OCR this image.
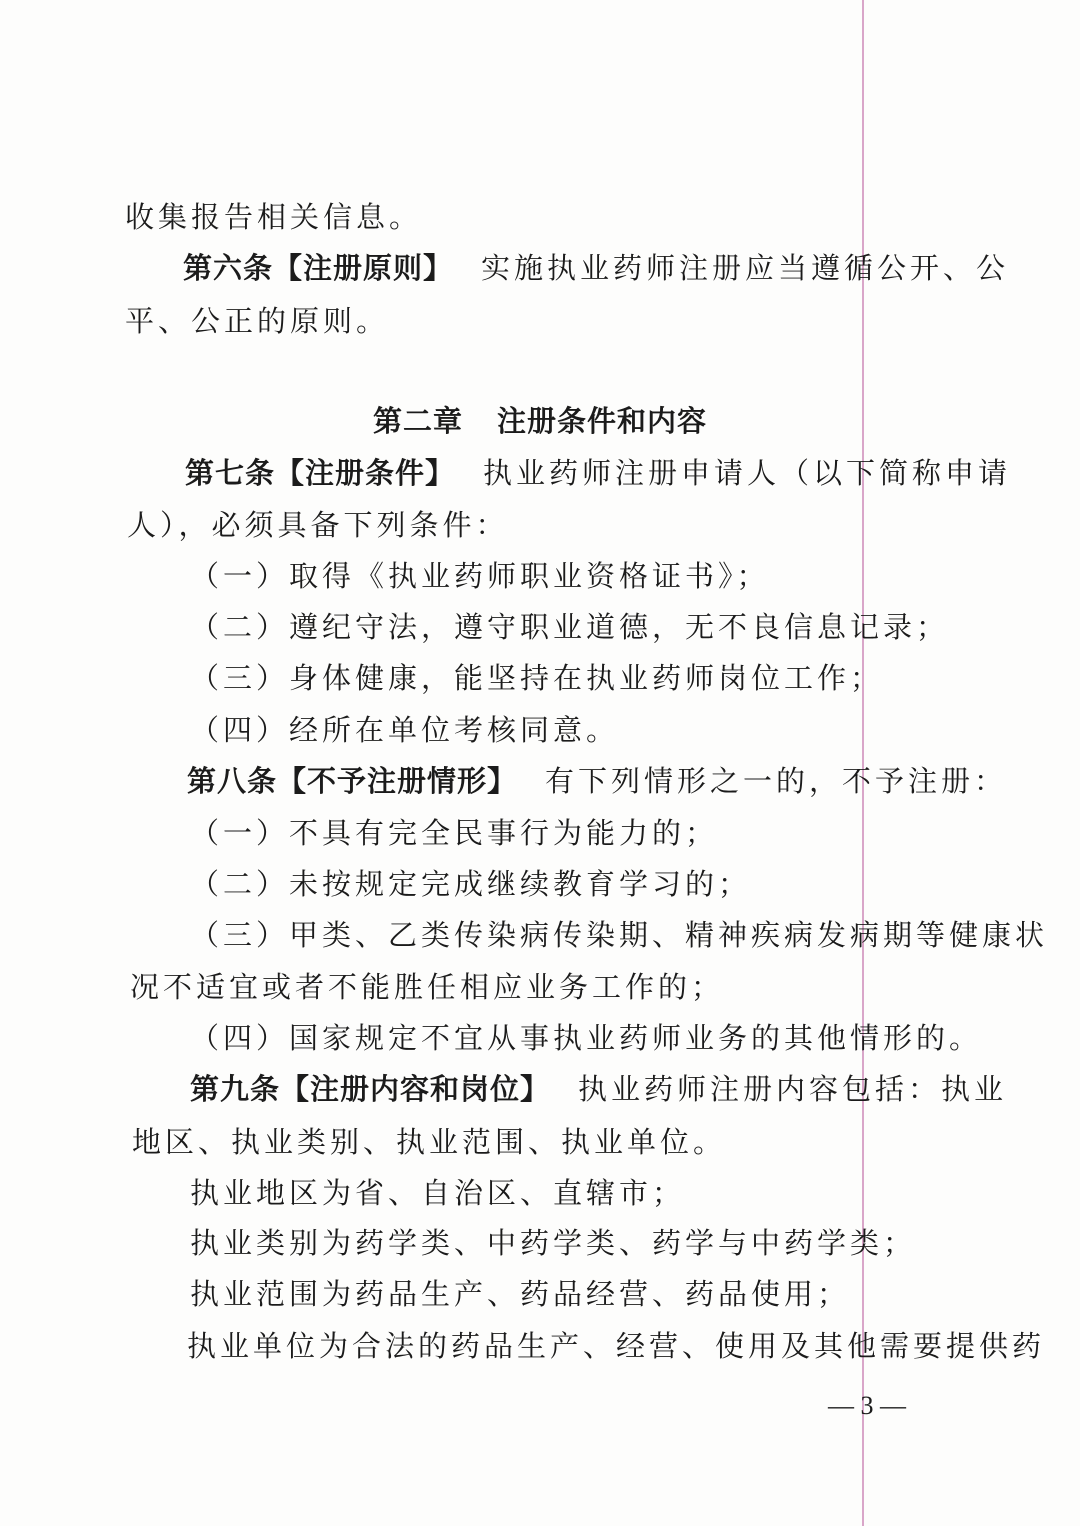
收集报告相关信息。
第六条【注册原则】 实施执业药师注册应当遵循公开、公
平、公正的原则。
第二章 注册条件和内容
第七条【注册条件】 执业药师注册申请人（以下简称申请
人），必须具备下列条件：
（一）取得《执业药师职业资格证书》；
（二）遵纪守法，遵守职业道德，无不良信息记录；
（三）身体健康，能坚持在执业药师岗位工作；
（四）经所在单位考核同意。
第八条【不予注册情形】 有下列情形之一的，不予注册：
（一）不具有完全民事行为能力的；
（二）未按规定完成继续教育学习的；
（三）甲类、乙类传染病传染期、精神疾病发病期等健康状
况不适宜或者不能胜任相应业务工作的；
（四）国家规定不宜从事执业药师业务的其他情形的。
第九条【注册内容和岗位】 执业药师注册内容包括：执业
地区、执业类别、执业范围、执业单位。
执业地区为省、自治区、直辖市；
执业类别为药学类、中药学类、药学与中药学类；
执业范围为药品生产、药品经营、药品使用；
执业单位为合法的药品生产、经营、使用及其他需要提供药
— 3 —
